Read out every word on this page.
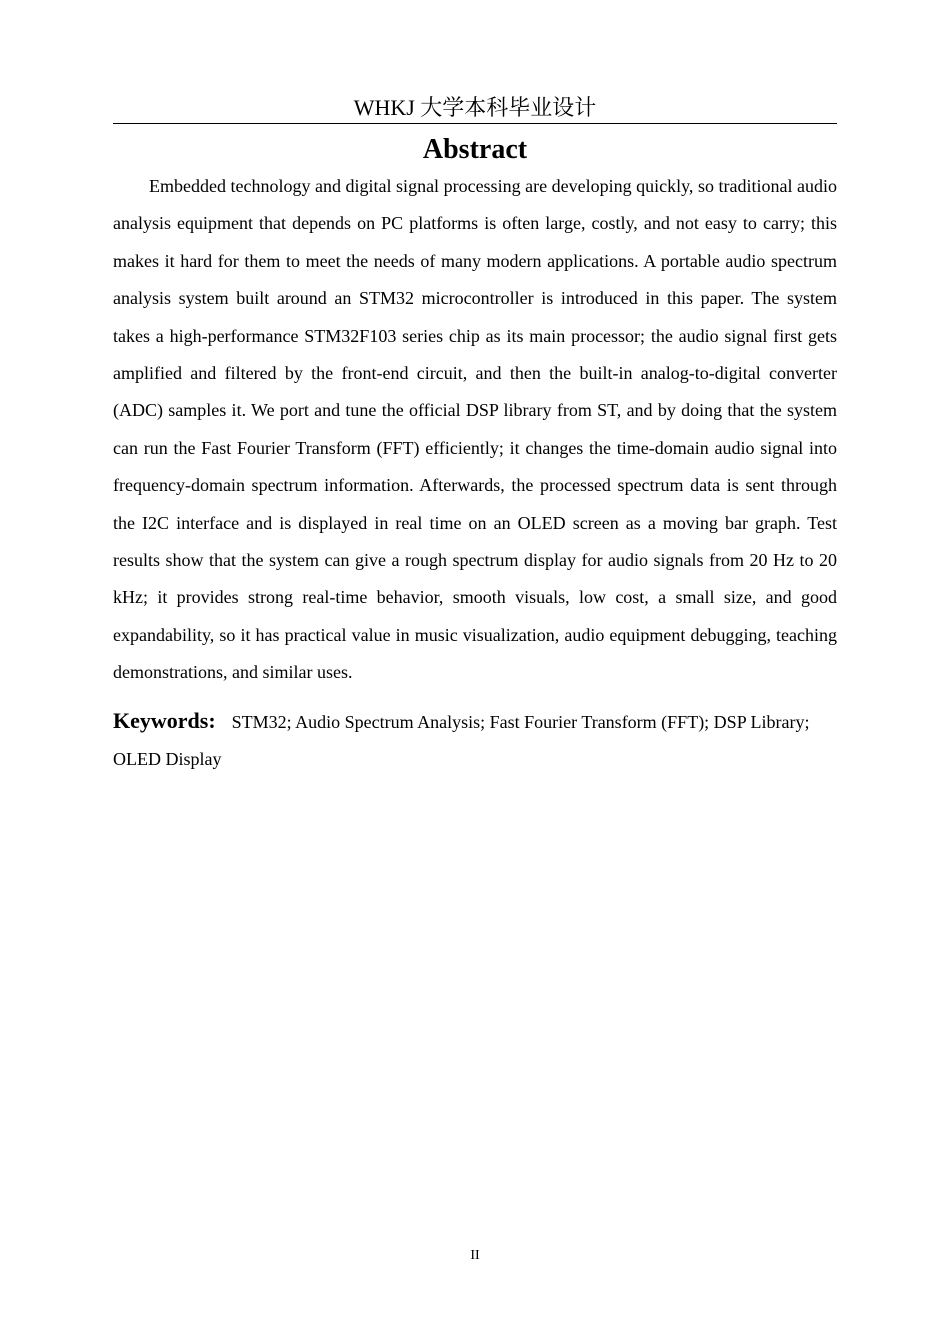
WHKJ 大学本科毕业设计
Abstract

Embedded technology and digital signal processing are developing quickly, so traditional audio analysis equipment that depends on PC platforms is often large, costly, and not easy to carry; this makes it hard for them to meet the needs of many modern applications. A portable audio spectrum analysis system built around an STM32 microcontroller is introduced in this paper. The system takes a high-performance STM32F103 series chip as its main processor; the audio signal first gets amplified and filtered by the front-end circuit, and then the built-in analog-to-digital converter (ADC) samples it. We port and tune the official DSP library from ST, and by doing that the system can run the Fast Fourier Transform (FFT) efficiently; it changes the time-domain audio signal into frequency-domain spectrum information. Afterwards, the processed spectrum data is sent through the I2C interface and is displayed in real time on an OLED screen as a moving bar graph. Test results show that the system can give a rough spectrum display for audio signals from 20 Hz to 20 kHz; it provides strong real-time behavior, smooth visuals, low cost, a small size, and good expandability, so it has practical value in music visualization, audio equipment debugging, teaching demonstrations, and similar uses.

Keywords: STM32; Audio Spectrum Analysis; Fast Fourier Transform (FFT); DSP Library; OLED Display

II
